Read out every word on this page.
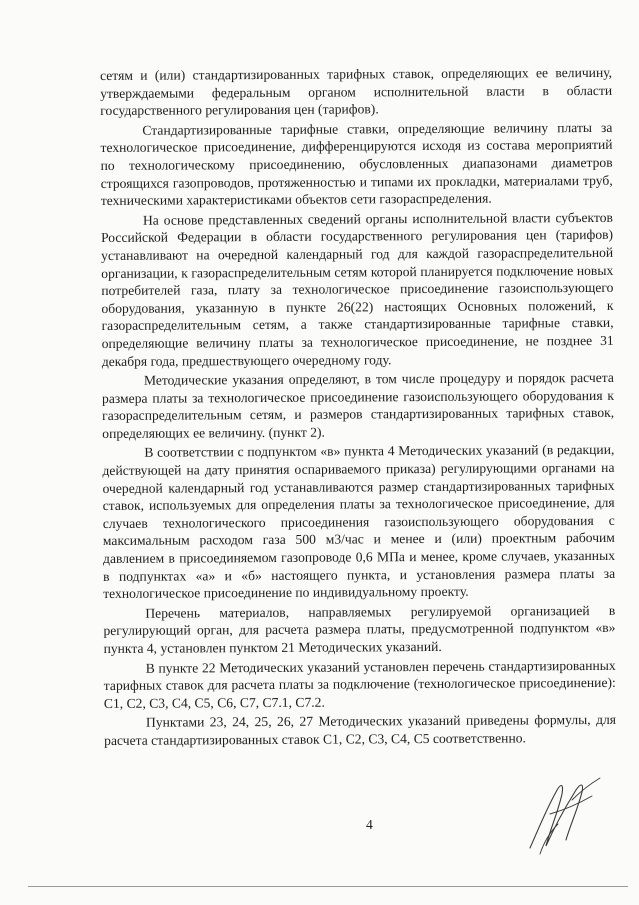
сетям и (или) стандартизированных тарифных ставок, определяющих ее величину, утверждаемыми федеральным органом исполнительной власти в области государственного регулирования цен (тарифов).

Стандартизированные тарифные ставки, определяющие величину платы за технологическое присоединение, дифференцируются исходя из состава мероприятий по технологическому присоединению, обусловленных диапазонами диаметров строящихся газопроводов, протяженностью и типами их прокладки, материалами труб, техническими характеристиками объектов сети газораспределения.

На основе представленных сведений органы исполнительной власти субъектов Российской Федерации в области государственного регулирования цен (тарифов) устанавливают на очередной календарный год для каждой газораспределительной организации, к газораспределительным сетям которой планируется подключение новых потребителей газа, плату за технологическое присоединение газоиспользующего оборудования, указанную в пункте 26(22) настоящих Основных положений, к газораспределительным сетям, а также стандартизированные тарифные ставки, определяющие величину платы за технологическое присоединение, не позднее 31 декабря года, предшествующего очередному году.

Методические указания определяют, в том числе процедуру и порядок расчета размера платы за технологическое присоединение газоиспользующего оборудования к газораспределительным сетям, и размеров стандартизированных тарифных ставок, определяющих ее величину. (пункт 2).

В соответствии с подпунктом «в» пункта 4 Методических указаний (в редакции, действующей на дату принятия оспариваемого приказа) регулирующими органами на очередной календарный год устанавливаются размер стандартизированных тарифных ставок, используемых для определения платы за технологическое присоединение, для случаев технологического присоединения газоиспользующего оборудования с максимальным расходом газа 500 м3/час и менее и (или) проектным рабочим давлением в присоединяемом газопроводе 0,6 МПа и менее, кроме случаев, указанных в подпунктах «а» и «б» настоящего пункта, и установления размера платы за технологическое присоединение по индивидуальному проекту.

Перечень материалов, направляемых регулируемой организацией в регулирующий орган, для расчета размера платы, предусмотренной подпунктом «в» пункта 4, установлен пунктом 21 Методических указаний.

В пункте 22 Методических указаний установлен перечень стандартизированных тарифных ставок для расчета платы за подключение (технологическое присоединение): С1, С2, С3, С4, С5, С6, С7, С7.1, С7.2.

Пунктами 23, 24, 25, 26, 27 Методических указаний приведены формулы, для расчета стандартизированных ставок С1, С2, С3, С4, С5 соответственно.

4
